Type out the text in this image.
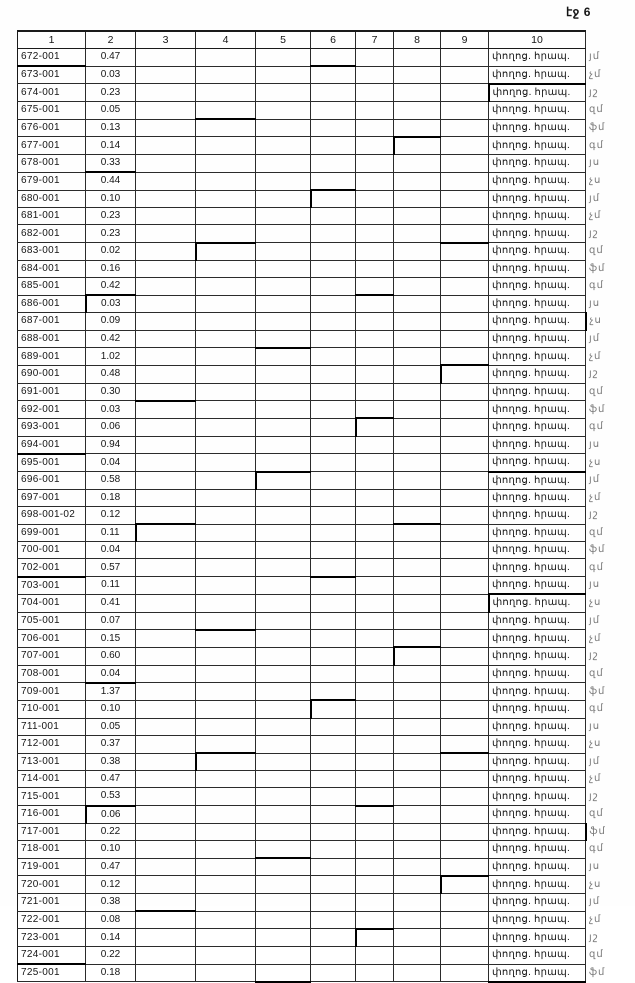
էջ 6
1	2	3	4	5	6	7	8	9	10	
672-001	0.47								փողոց. հրապ.	յմ
673-001	0.03								փողոց. հրապ.	չմ
674-001	0.23								փողոց. հրապ.	յշ
675-001	0.05								փողոց. հրապ.	զմ
676-001	0.13								փողոց. հրապ.	ֆմ
677-001	0.14								փողոց. հրապ.	գմ
678-001	0.33								փողոց. հրապ.	յս
679-001	0.44								փողոց. հրապ.	չս
680-001	0.10								փողոց. հրապ.	յմ
681-001	0.23								փողոց. հրապ.	չմ
682-001	0.23								փողոց. հրապ.	յշ
683-001	0.02								փողոց. հրապ.	զմ
684-001	0.16								փողոց. հրապ.	ֆմ
685-001	0.42								փողոց. հրապ.	գմ
686-001	0.03								փողոց. հրապ.	յս
687-001	0.09								փողոց. հրապ.	չս
688-001	0.42								փողոց. հրապ.	յմ
689-001	1.02								փողոց. հրապ.	չմ
690-001	0.48								փողոց. հրապ.	յշ
691-001	0.30								փողոց. հրապ.	զմ
692-001	0.03								փողոց. հրապ.	ֆմ
693-001	0.06								փողոց. հրապ.	գմ
694-001	0.94								փողոց. հրապ.	յս
695-001	0.04								փողոց. հրապ.	չս
696-001	0.58								փողոց. հրապ.	յմ
697-001	0.18								փողոց. հրապ.	չմ
698-001-02	0.12								փողոց. հրապ.	յշ
699-001	0.11								փողոց. հրապ.	զմ
700-001	0.04								փողոց. հրապ.	ֆմ
702-001	0.57								փողոց. հրապ.	գմ
703-001	0.11								փողոց. հրապ.	յս
704-001	0.41								փողոց. հրապ.	չս
705-001	0.07								փողոց. հրապ.	յմ
706-001	0.15								փողոց. հրապ.	չմ
707-001	0.60								փողոց. հրապ.	յշ
708-001	0.04								փողոց. հրապ.	զմ
709-001	1.37								փողոց. հրապ.	ֆմ
710-001	0.10								փողոց. հրապ.	գմ
711-001	0.05								փողոց. հրապ.	յս
712-001	0.37								փողոց. հրապ.	չս
713-001	0.38								փողոց. հրապ.	յմ
714-001	0.47								փողոց. հրապ.	չմ
715-001	0.53								փողոց. հրապ.	յշ
716-001	0.06								փողոց. հրապ.	զմ
717-001	0.22								փողոց. հրապ.	ֆմ
718-001	0.10								փողոց. հրապ.	գմ
719-001	0.47								փողոց. հրապ.	յս
720-001	0.12								փողոց. հրապ.	չս
721-001	0.38								փողոց. հրապ.	յմ
722-001	0.08								փողոց. հրապ.	չմ
723-001	0.14								փողոց. հրապ.	յշ
724-001	0.22								փողոց. հրապ.	զմ
725-001	0.18								փողոց. հրապ.	ֆմ
